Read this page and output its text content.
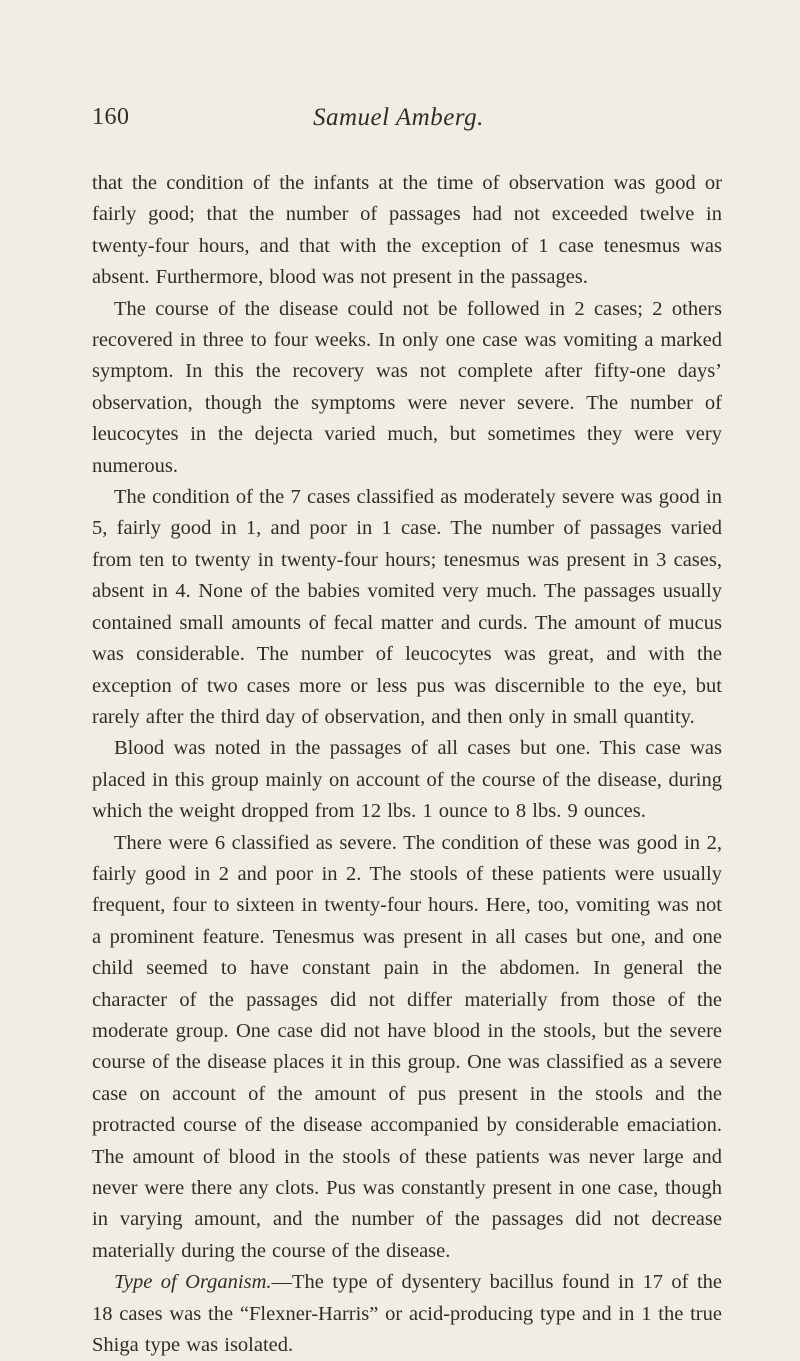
160	Samuel Amberg.

that the condition of the infants at the time of observation was good or fairly good; that the number of passages had not exceeded twelve in twenty-four hours, and that with the exception of 1 case tenesmus was absent. Furthermore, blood was not present in the passages.

The course of the disease could not be followed in 2 cases; 2 others recovered in three to four weeks. In only one case was vomiting a marked symptom. In this the recovery was not complete after fifty-one days’ observation, though the symptoms were never severe. The number of leucocytes in the dejecta varied much, but sometimes they were very numerous.

The condition of the 7 cases classified as moderately severe was good in 5, fairly good in 1, and poor in 1 case. The number of passages varied from ten to twenty in twenty-four hours; tenesmus was present in 3 cases, absent in 4. None of the babies vomited very much. The passages usually contained small amounts of fecal matter and curds. The amount of mucus was considerable. The number of leucocytes was great, and with the exception of two cases more or less pus was discernible to the eye, but rarely after the third day of observation, and then only in small quantity.

Blood was noted in the passages of all cases but one. This case was placed in this group mainly on account of the course of the disease, during which the weight dropped from 12 lbs. 1 ounce to 8 lbs. 9 ounces.

There were 6 classified as severe. The condition of these was good in 2, fairly good in 2 and poor in 2. The stools of these patients were usually frequent, four to sixteen in twenty-four hours. Here, too, vomiting was not a prominent feature. Tenesmus was present in all cases but one, and one child seemed to have constant pain in the abdomen. In general the character of the passages did not differ materially from those of the moderate group. One case did not have blood in the stools, but the severe course of the disease places it in this group. One was classified as a severe case on account of the amount of pus present in the stools and the protracted course of the disease accompanied by considerable emaciation. The amount of blood in the stools of these patients was never large and never were there any clots. Pus was constantly present in one case, though in varying amount, and the number of the passages did not decrease materially during the course of the disease.

Type of Organism.—The type of dysentery bacillus found in 17 of the 18 cases was the “Flexner-Harris” or acid-producing type and in 1 the true Shiga type was isolated.
